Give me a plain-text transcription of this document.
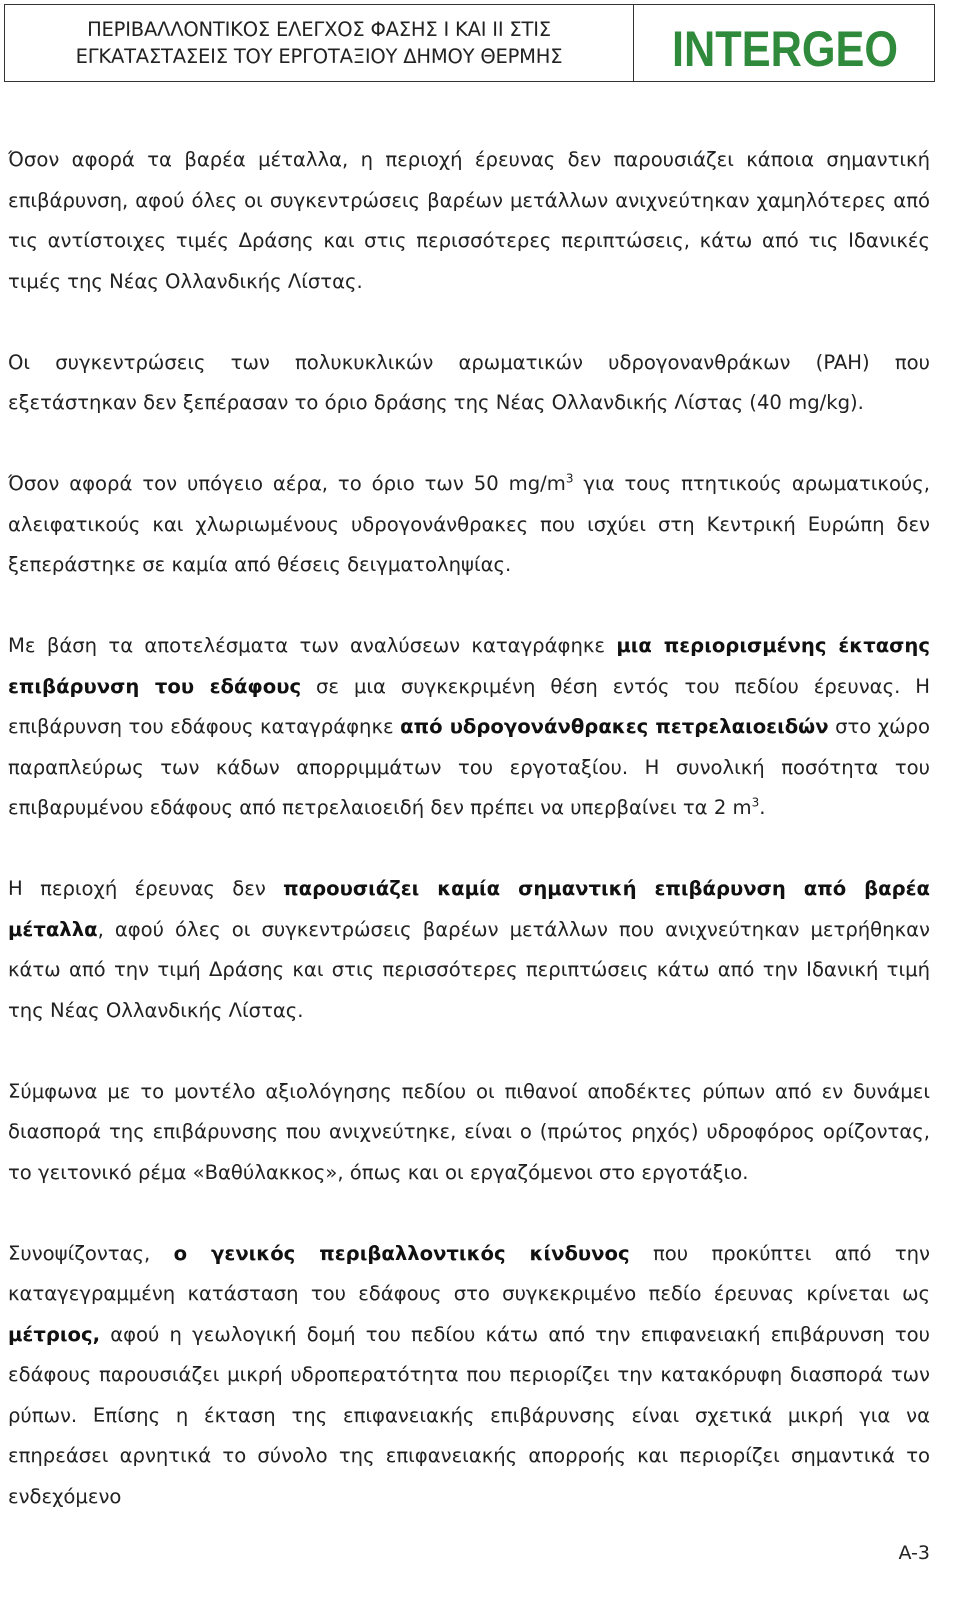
ΠΕΡΙΒΑΛΛΟΝΤΙΚΟΣ ΕΛΕΓΧΟΣ ΦΑΣΗΣ Ι ΚΑΙ ΙΙ ΣΤΙΣ
ΕΓΚΑΤΑΣΤΑΣΕΙΣ ΤΟΥ ΕΡΓΟΤΑΞΙΟΥ ΔΗΜΟΥ ΘΕΡΜΗΣ INTERGEO

Όσον αφορά τα βαρέα μέταλλα, η περιοχή έρευνας δεν παρουσιάζει κάποια σημαντική επιβάρυνση, αφού όλες οι συγκεντρώσεις βαρέων μετάλλων ανιχνεύτηκαν χαμηλότερες από τις αντίστοιχες τιμές Δράσης και στις περισσότερες περιπτώσεις, κάτω από τις Ιδανικές τιμές της Νέας Ολλανδικής Λίστας.

Οι συγκεντρώσεις των πολυκυκλικών αρωματικών υδρογονανθράκων (PAH) που εξετάστηκαν δεν ξεπέρασαν το όριο δράσης της Νέας Ολλανδικής Λίστας (40 mg/kg).

Όσον αφορά τον υπόγειο αέρα, το όριο των 50 $mg/m^3$ για τους πτητικούς αρωματικούς, αλειφατικούς και χλωριωμένους υδρογονάνθρακες που ισχύει στη Κεντρική Ευρώπη δεν ξεπεράστηκε σε καμία από θέσεις δειγματοληψίας.

Με βάση τα αποτελέσματα των αναλύσεων καταγράφηκε μια περιορισμένης έκτασης επιβάρυνση του εδάφους σε μια συγκεκριμένη θέση εντός του πεδίου έρευνας. Η επιβάρυνση του εδάφους καταγράφηκε από υδρογονάνθρακες πετρελαιοειδών στο χώρο παραπλεύρως των κάδων απορριμμάτων του εργοταξίου. Η συνολική ποσότητα του επιβαρυμένου εδάφους από πετρελαιοειδή δεν πρέπει να υπερβαίνει τα 2 $m^3$.

Η περιοχή έρευνας δεν παρουσιάζει καμία σημαντική επιβάρυνση από βαρέα μέταλλα, αφού όλες οι συγκεντρώσεις βαρέων μετάλλων που ανιχνεύτηκαν μετρήθηκαν κάτω από την τιμή Δράσης και στις περισσότερες περιπτώσεις κάτω από την Ιδανική τιμή της Νέας Ολλανδικής Λίστας.

Σύμφωνα με το μοντέλο αξιολόγησης πεδίου οι πιθανοί αποδέκτες ρύπων από εν δυνάμει διασπορά της επιβάρυνσης που ανιχνεύτηκε, είναι ο (πρώτος ρηχός) υδροφόρος ορίζοντας, το γειτονικό ρέμα «Βαθύλακκος», όπως και οι εργαζόμενοι στο εργοτάξιο.

Συνοψίζοντας, ο γενικός περιβαλλοντικός κίνδυνος που προκύπτει από την καταγεγραμμένη κατάσταση του εδάφους στο συγκεκριμένο πεδίο έρευνας κρίνεται ως μέτριος, αφού η γεωλογική δομή του πεδίου κάτω από την επιφανειακή επιβάρυνση του εδάφους παρουσιάζει μικρή υδροπερατότητα που περιορίζει την κατακόρυφη διασπορά των ρύπων. Επίσης η έκταση της επιφανειακής επιβάρυνσης είναι σχετικά μικρή για να επηρεάσει αρνητικά το σύνολο της επιφανειακής απορροής και περιορίζει σημαντικά το ενδεχόμενο

A-3
